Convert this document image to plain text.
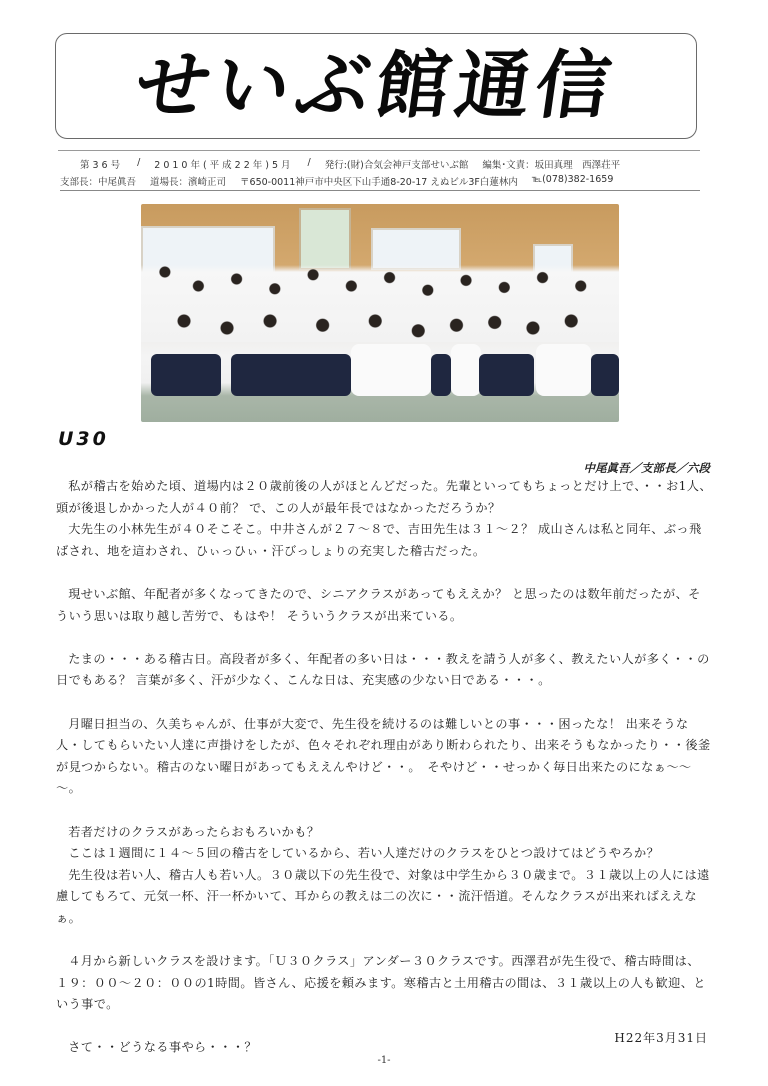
せいぶ館通信
第36号 / 2010年(平成22年)5月 / 発行:(財)合気会神戸支部せいぶ館 編集･文責：坂田真理　西澤荘平
支部長：中尾眞吾 道場長：濱崎正司 〒650-0011神戸市中央区下山手通8-20-17 えぬビル3F白蓮林内 ℡(078)382-1659
U30
中尾眞吾／支部長／六段

私が稽古を始めた頃、道場内は２０歳前後の人がほとんどだった。先輩といってもちょっとだけ上で、・・お1人、頭が後退しかかった人が４０前？ で、この人が最年長ではなかっただろうか？

大先生の小林先生が４０そこそこ。中井さんが２７～８で、吉田先生は３１～２？ 成山さんは私と同年、ぶっ飛ばされ、地を這わされ、ひぃっひぃ・汗びっしょりの充実した稽古だった。

現せいぶ館、年配者が多くなってきたので、シニアクラスがあってもええか？ と思ったのは数年前だったが、そういう思いは取り越し苦労で、もはや！ そういうクラスが出来ている。

たまの・・・ある稽古日。高段者が多く、年配者の多い日は・・・教えを請う人が多く、教えたい人が多く・・の日でもある？ 言葉が多く、汗が少なく、こんな日は、充実感の少ない日である・・・。

月曜日担当の、久美ちゃんが、仕事が大変で、先生役を続けるのは難しいとの事・・・困ったな！ 出来そうな人・してもらいたい人達に声掛けをしたが、色々それぞれ理由があり断わられたり、出来そうもなかったり・・後釜が見つからない。稽古のない曜日があってもええんやけど・・。　そやけど・・せっかく毎日出来たのになぁ～～～。

若者だけのクラスがあったらおもろいかも？

ここは１週間に１４～５回の稽古をしているから、若い人達だけのクラスをひとつ設けてはどうやろか？

先生役は若い人、稽古人も若い人。３０歳以下の先生役で、対象は中学生から３０歳まで。３１歳以上の人には遠慮してもろて、元気一杯、汗一杯かいて、耳からの教えは二の次に・・流汗悟道。そんなクラスが出来ればええなぁ。

４月から新しいクラスを設けます。「Ｕ３０クラス」アンダー３０クラスです。西澤君が先生役で、稽古時間は、１９：００～２０：００の1時間。皆さん、応援を頼みます。寒稽古と土用稽古の間は、３１歳以上の人も歓迎、という事で。

さて・・どうなる事やら・・・？

H22年3月31日
-1-
